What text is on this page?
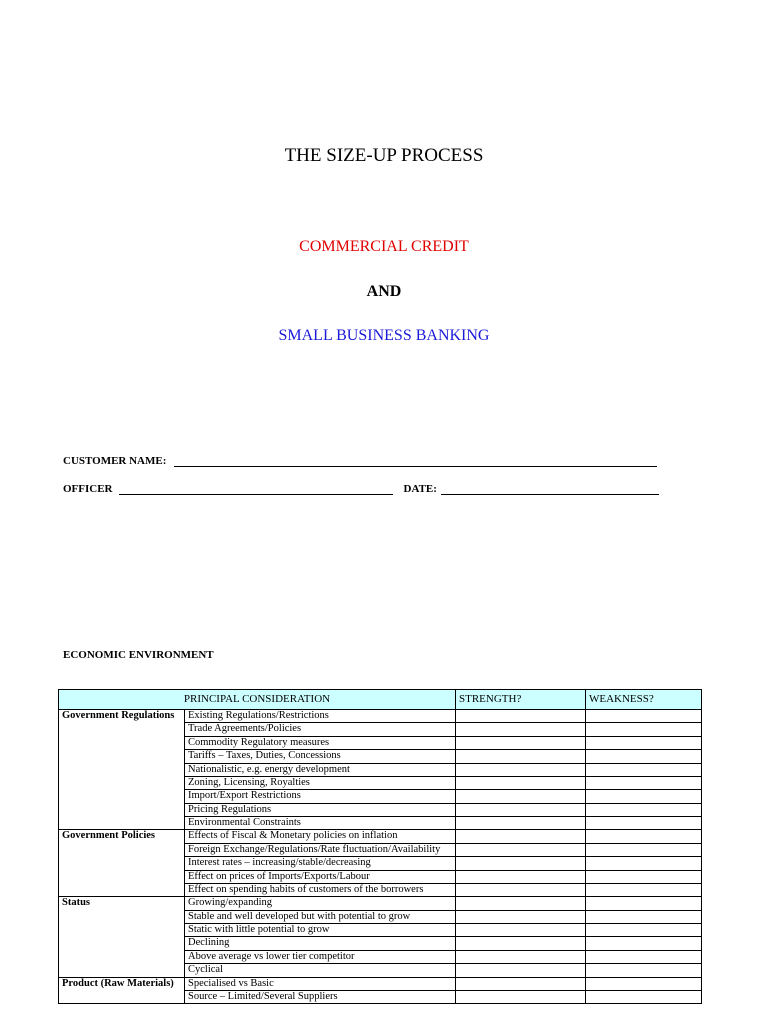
THE SIZE-UP PROCESS
COMMERCIAL CREDIT
AND
SMALL BUSINESS BANKING
CUSTOMER NAME:
OFFICER	DATE:
ECONOMIC ENVIRONMENT
PRINCIPAL CONSIDERATION		STRENGTH?	WEAKNESS?
Government Regulations	Existing Regulations/Restrictions		
	Trade Agreements/Policies		
	Commodity Regulatory measures		
	Tariffs – Taxes, Duties, Concessions		
	Nationalistic, e.g. energy development		
	Zoning, Licensing, Royalties		
	Import/Export Restrictions		
	Pricing Regulations		
	Environmental Constraints		
Government Policies	Effects of Fiscal & Monetary policies on inflation		
	Foreign Exchange/Regulations/Rate fluctuation/Availability		
	Interest rates – increasing/stable/decreasing		
	Effect on prices of Imports/Exports/Labour		
	Effect on spending habits of customers of the borrowers		
Status	Growing/expanding		
	Stable and well developed but with potential to grow		
	Static with little potential to grow		
	Declining		
	Above average vs lower tier competitor		
	Cyclical		
Product (Raw Materials)	Specialised vs Basic		
	Source – Limited/Several Suppliers		
